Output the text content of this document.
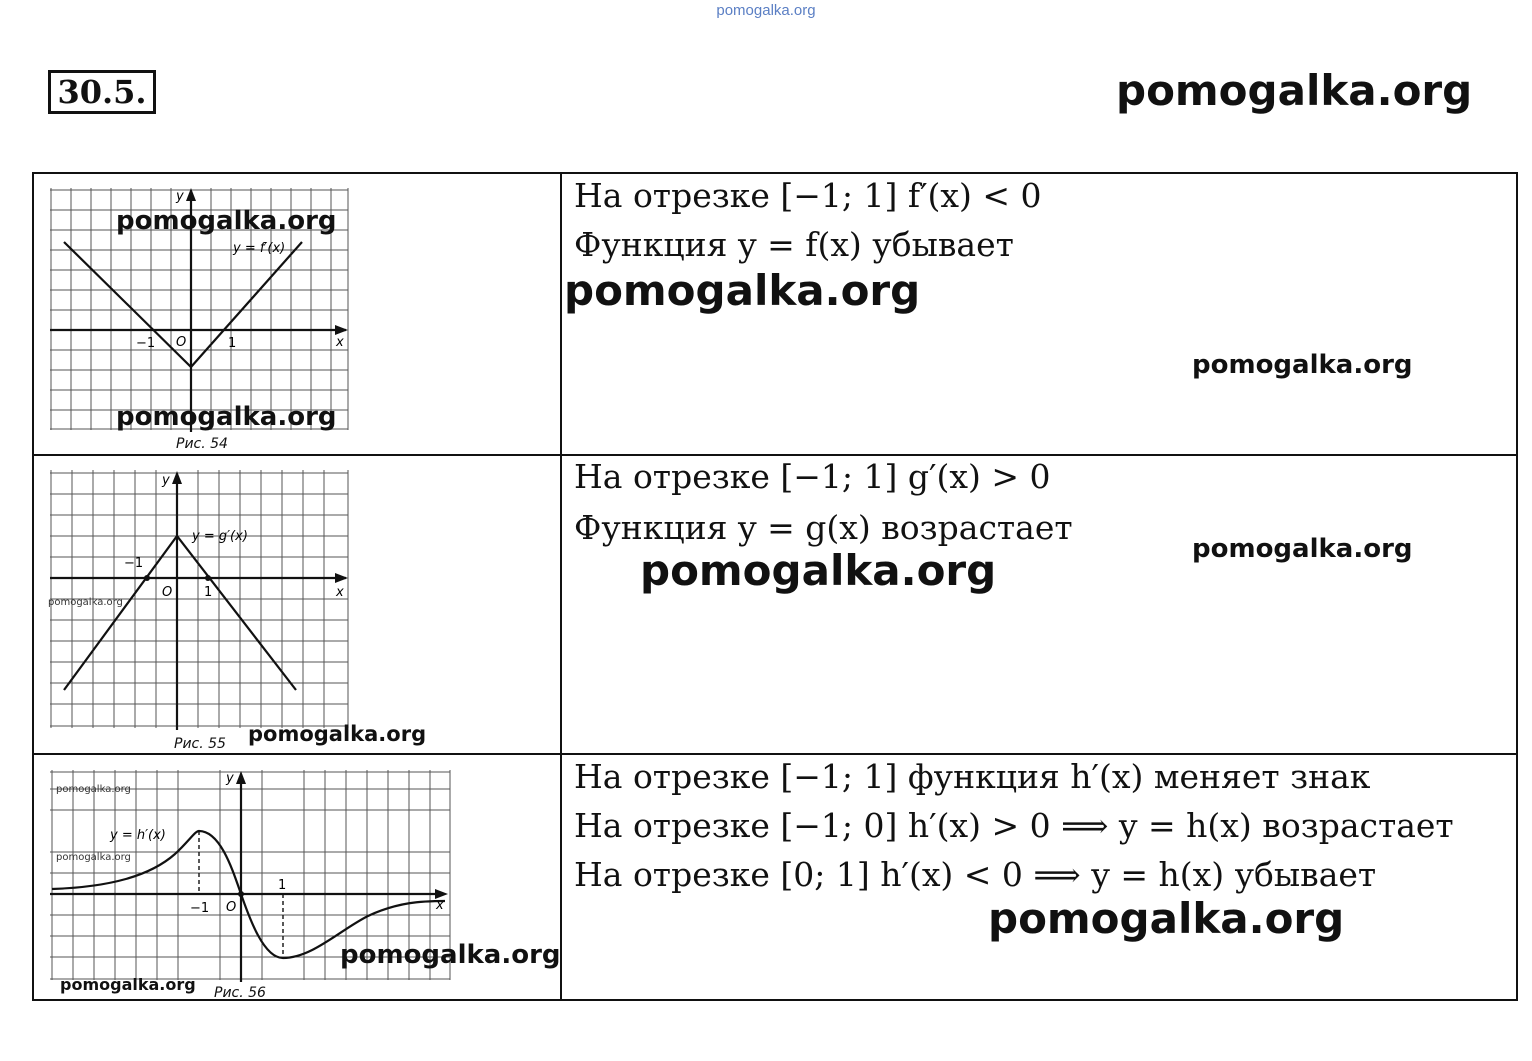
pomogalka.org
30.5.	pomogalka.org
y
x
O
−1	1
y = f′(x)
Рис. 54
pomogalka.org
pomogalka.org
На отрезке [−1; 1] f′(x) < 0
Функция y = f(x) убывает
pomogalka.org
pomogalka.org
y
x
O
−1
1
y = g′(x)
Рис. 55
pomogalka.org
pomogalka.org
На отрезке [−1; 1] g′(x) > 0
Функция y = g(x) возрастает
pomogalka.org	pomogalka.org
y
x
O
−1
1
y = h′(x)
Рис. 56
pomogalka.org
pomogalka.org
pomogalka.org
pomogalka.org
На отрезке [−1; 1] функция h′(x) меняет знак
На отрезке [−1; 0] h′(x) > 0 ⟹ y = h(x) возрастает
На отрезке [0; 1] h′(x) < 0 ⟹ y = h(x) убывает
pomogalka.org
